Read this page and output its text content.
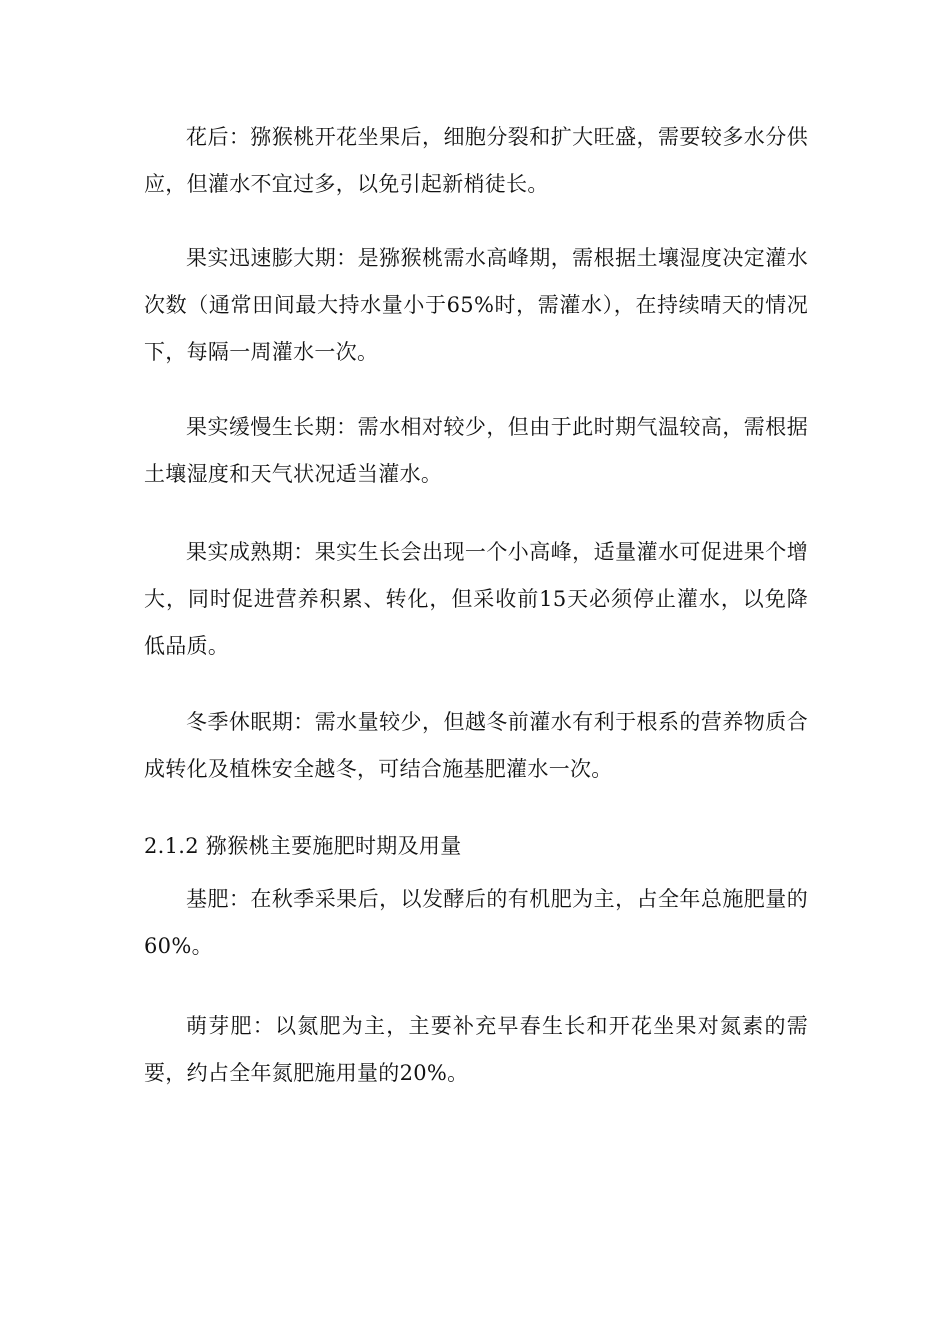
花后：猕猴桃开花坐果后，细胞分裂和扩大旺盛，需要较多水分供应，但灌水不宜过多，以免引起新梢徒长。

果实迅速膨大期：是猕猴桃需水高峰期，需根据土壤湿度决定灌水次数（通常田间最大持水量小于65%时，需灌水），在持续晴天的情况下，每隔一周灌水一次。

果实缓慢生长期：需水相对较少，但由于此时期气温较高，需根据土壤湿度和天气状况适当灌水。

果实成熟期：果实生长会出现一个小高峰，适量灌水可促进果个增大，同时促进营养积累、转化，但采收前15天必须停止灌水，以免降低品质。

冬季休眠期：需水量较少，但越冬前灌水有利于根系的营养物质合成转化及植株安全越冬，可结合施基肥灌水一次。

2.1.2 猕猴桃主要施肥时期及用量

基肥：在秋季采果后，以发酵后的有机肥为主，占全年总施肥量的60%。

萌芽肥：以氮肥为主，主要补充早春生长和开花坐果对氮素的需要，约占全年氮肥施用量的20%。
